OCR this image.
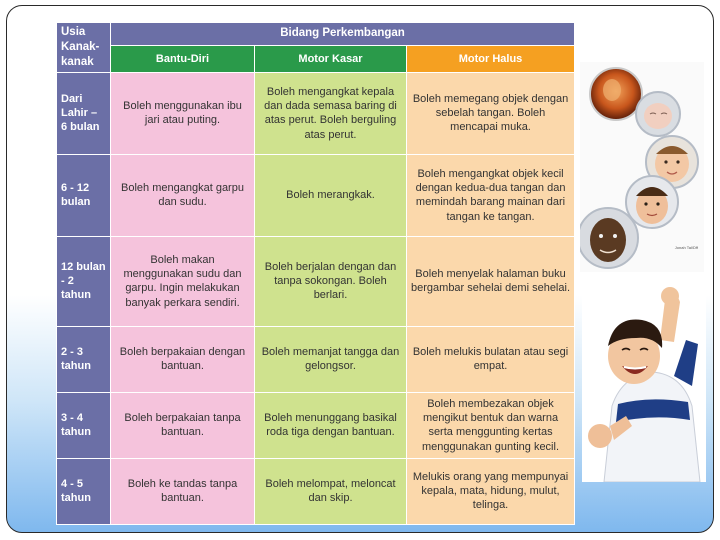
Usia Kanak-kanak	Bidang Perkembangan		
	Bantu-Diri	Motor Kasar	Motor Halus
Dari Lahir – 6 bulan	Boleh menggunakan ibu jari atau puting.	Boleh mengangkat kepala dan dada semasa baring di atas perut. Boleh berguling atas perut.	Boleh memegang objek dengan sebelah tangan. Boleh mencapai muka.
6 - 12 bulan	Boleh mengangkat garpu dan sudu.	Boleh merangkak.	Boleh mengangkat objek kecil dengan kedua-dua tangan dan memindah barang mainan dari tangan ke tangan.
12 bulan - 2 tahun	Boleh makan menggunakan sudu dan garpu. Ingin melakukan banyak perkara sendiri.	Boleh berjalan dengan dan tanpa sokongan. Boleh berlari.	Boleh menyelak halaman buku bergambar sehelai demi sehelai.
2 - 3 tahun	Boleh berpakaian dengan bantuan.	Boleh memanjat tangga dan gelongsor.	Boleh melukis bulatan atau segi empat.
3 - 4 tahun	Boleh berpakaian tanpa bantuan.	Boleh menunggang basikal roda tiga dengan bantuan.	Boleh membezakan objek mengikut bentuk dan warna serta menggunting kertas menggunakan gunting kecil.
4 - 5 tahun	Boleh ke tandas tanpa bantuan.	Boleh melompat, meloncat dan skip.	Melukis orang yang mempunyai kepala, mata, hidung, mulut, telinga.
Jonah Tal/Dff
